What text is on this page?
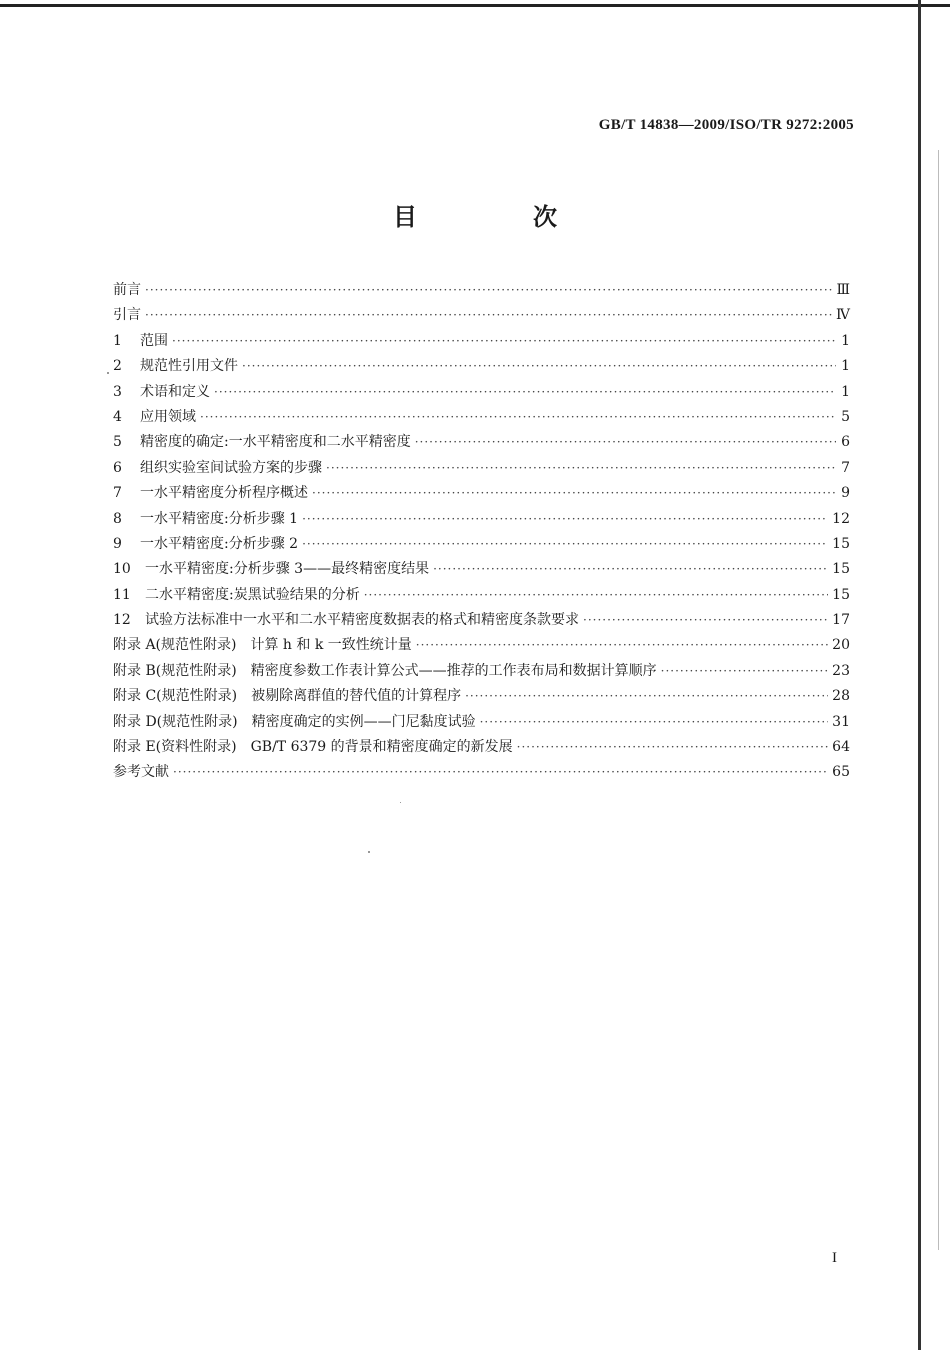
GB/T 14838—2009/ISO/TR 9272:2005
目　次
前言 ·····	Ⅲ
引言 ·····	Ⅳ
1	范围 ·····	1
2	规范性引用文件 ·····	1
3	术语和定义 ·····	1
4	应用领域 ·····	5
5	精密度的确定:一水平精密度和二水平精密度 ·····	6
6	组织实验室间试验方案的步骤 ·····	7
7	一水平精密度分析程序概述 ·····	9
8	一水平精密度:分析步骤 1 ·····	12
9	一水平精密度:分析步骤 2 ·····	15
10	一水平精密度:分析步骤 3——最终精密度结果 ·····	15
11	二水平精密度:炭黑试验结果的分析 ·····	15
12	试验方法标准中一水平和二水平精密度数据表的格式和精密度条款要求 ·····	17
附录 A(规范性附录)　计算 h 和 k 一致性统计量 ·····	20
附录 B(规范性附录)　精密度参数工作表计算公式——推荐的工作表布局和数据计算顺序 ·····	23
附录 C(规范性附录)　被剔除离群值的替代值的计算程序 ·····	28
附录 D(规范性附录)　精密度确定的实例——门尼黏度试验 ·····	31
附录 E(资料性附录)　GB/T 6379 的背景和精密度确定的新发展 ·····	64
参考文献 ·····	65
I
